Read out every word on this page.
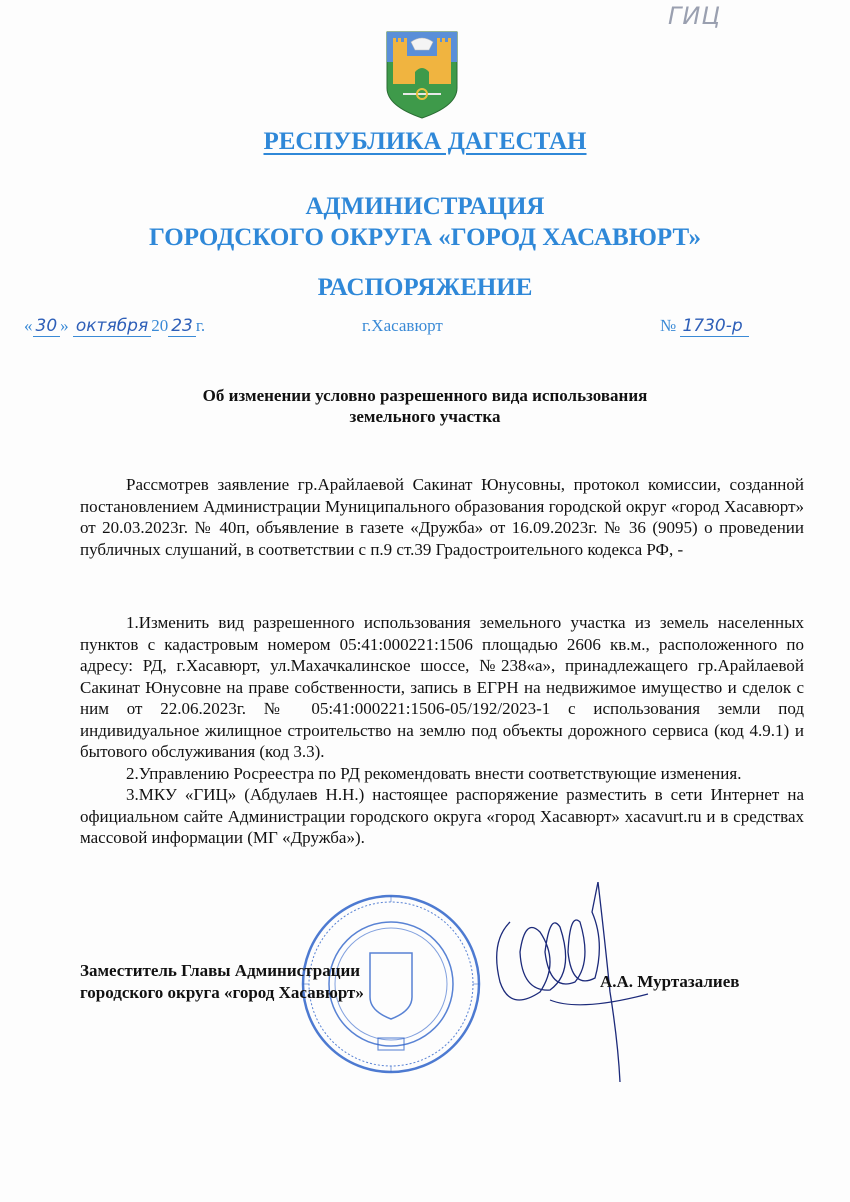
ГИЦ
РЕСПУБЛИКА ДАГЕСТАН
АДМИНИСТРАЦИЯ
ГОРОДСКОГО ОКРУГА «ГОРОД ХАСАВЮРТ»
РАСПОРЯЖЕНИЕ
« 30 » октября 20 23 г.	г.Хасавюрт	№ 1730-р
Об изменении условно разрешенного вида использования
земельного участка

Рассмотрев заявление гр.Арайлаевой Сакинат Юнусовны, протокол комиссии, созданной постановлением Администрации Муниципального образования городской округ «город Хасавюрт» от 20.03.2023г. № 40п, объявление в газете «Дружба» от 16.09.2023г. № 36 (9095) о проведении публичных слушаний, в соответствии с п.9 ст.39 Градостроительного кодекса РФ, -

1.Изменить вид разрешенного использования земельного участка из земель населенных пунктов с кадастровым номером 05:41:000221:1506 площадью 2606 кв.м., расположенного по адресу: РД, г.Хасавюрт, ул.Махачкалинское шоссе, №238«а», принадлежащего гр.Арайлаевой Сакинат Юнусовне на праве собственности, запись в ЕГРН на недвижимое имущество и сделок с ним от 22.06.2023г. № 05:41:000221:1506-05/192/2023-1 с использования земли под индивидуальное жилищное строительство на землю под объекты дорожного сервиса (код 4.9.1) и бытового обслуживания (код 3.3).

2.Управлению Росреестра по РД рекомендовать внести соответствующие изменения.

3.МКУ «ГИЦ» (Абдулаев Н.Н.) настоящее распоряжение разместить в сети Интернет на официальном сайте Администрации городского округа «город Хасавюрт» xacavurt.ru и в средствах массовой информации (МГ «Дружба»).

Заместитель Главы Администрации
городского округа «город Хасавюрт»
А.А. Муртазалиев
